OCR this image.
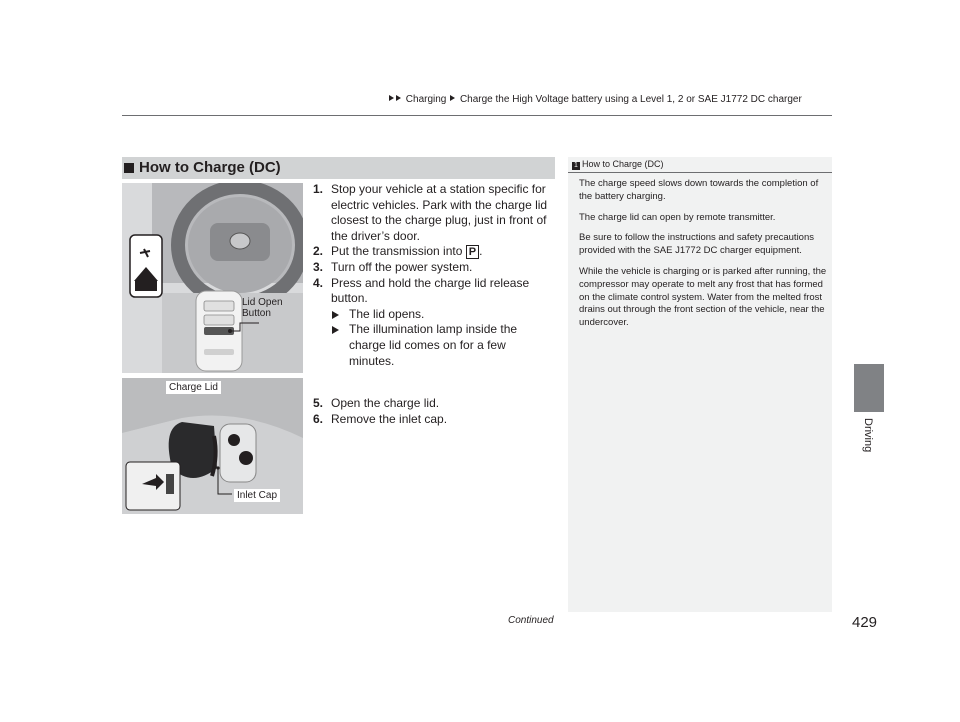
Charging Charge the High Voltage battery using a Level 1, 2 or SAE J1772 DC charger
Driving
How to Charge (DC)
Lid Open
Button
Charge Lid
Inlet Cap
1. Stop your vehicle at a station specific for electric vehicles. Park with the charge lid closest to the charge plug, just in front of the driver’s door.
2. Put the transmission into P .
3. Turn off the power system.
4. Press and hold the charge lid release button.
The lid opens.
The illumination lamp inside the charge lid comes on for a few minutes.
5. Open the charge lid.
6. Remove the inlet cap.
1 How to Charge (DC)

The charge speed slows down towards the completion of the battery charging.

The charge lid can open by remote transmitter.

Be sure to follow the instructions and safety precautions provided with the SAE J1772 DC charger equipment.

While the vehicle is charging or is parked after running, the compressor may operate to melt any frost that has formed on the climate control system. Water from the melted frost drains out through the front section of the vehicle, near the undercover.

Continued	429
